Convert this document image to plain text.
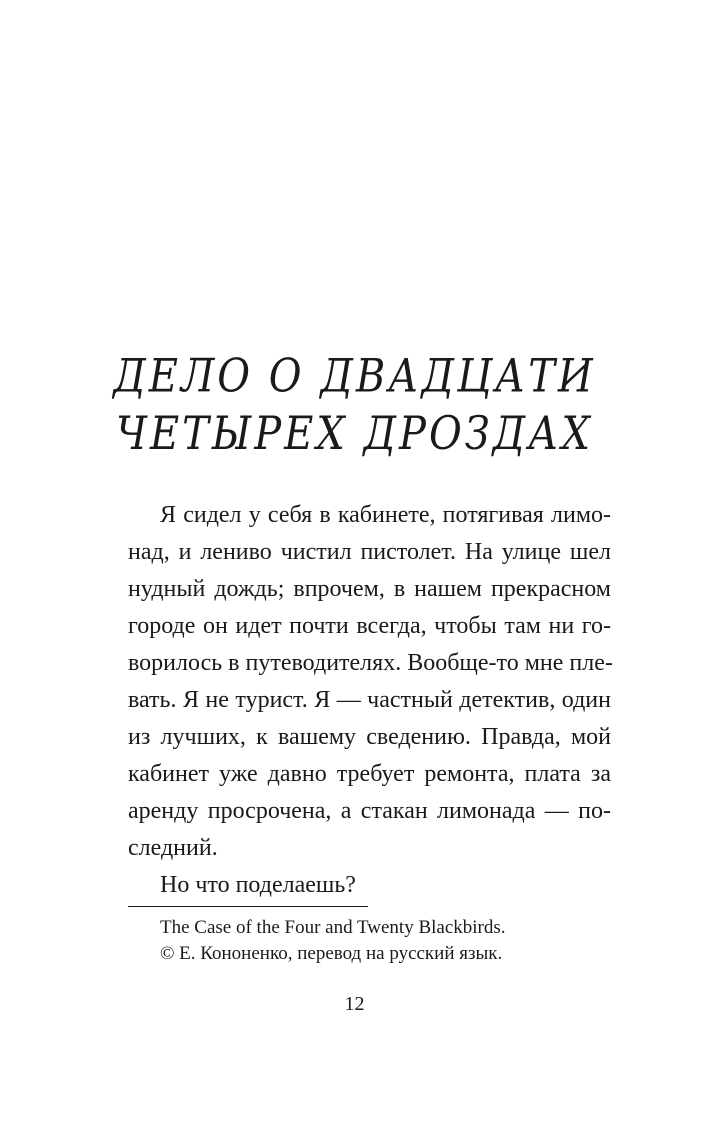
ДЕЛО О ДВАДЦАТИ
ЧЕТЫРЕХ ДРОЗДАХ
Я сидел у себя в кабинете, потягивая лимо-
над, и лениво чистил пистолет. На улице шел
нудный дождь; впрочем, в нашем прекрасном
городе он идет почти всегда, чтобы там ни го-
ворилось в путеводителях. Вообще-то мне пле-
вать. Я не турист. Я — частный детектив, один
из лучших, к вашему сведению. Правда, мой
кабинет уже давно требует ремонта, плата за
аренду просрочена, а стакан лимонада — по-
следний.
Но что поделаешь?
The Case of the Four and Twenty Blackbirds.
© Е. Кононенко, перевод на русский язык.
12
